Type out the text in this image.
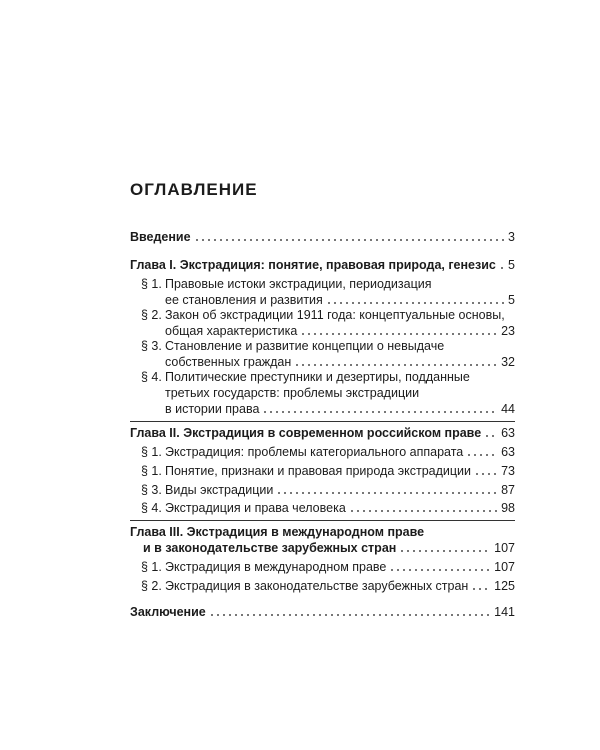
ОГЛАВЛЕНИЕ
Введение	3
Глава I. Экстрадиция: понятие, правовая природа, генезис 5
§ 1. Правовые истоки экстрадиции, периодизация
ее становления и развития	5
§ 2. Закон об экстрадиции 1911 года: концептуальные основы,
общая характеристика	23
§ 3. Становление и развитие концепции о невыдаче
собственных граждан	32
§ 4. Политические преступники и дезертиры, подданные
третьих государств: проблемы экстрадиции
в истории права	44
Глава II. Экстрадиция в современном российском праве 63
§ 1. Экстрадиция: проблемы категориального аппарата	63
§ 1. Понятие, признаки и правовая природа экстрадиции 73
§ 3. Виды экстрадиции	87
§ 4. Экстрадиция и права человека	98
Глава III. Экстрадиция в международном праве
и в законодательстве зарубежных стран	107
§ 1. Экстрадиция в международном праве	107
§ 2. Экстрадиция в законодательстве зарубежных стран 125
Заключение	141
